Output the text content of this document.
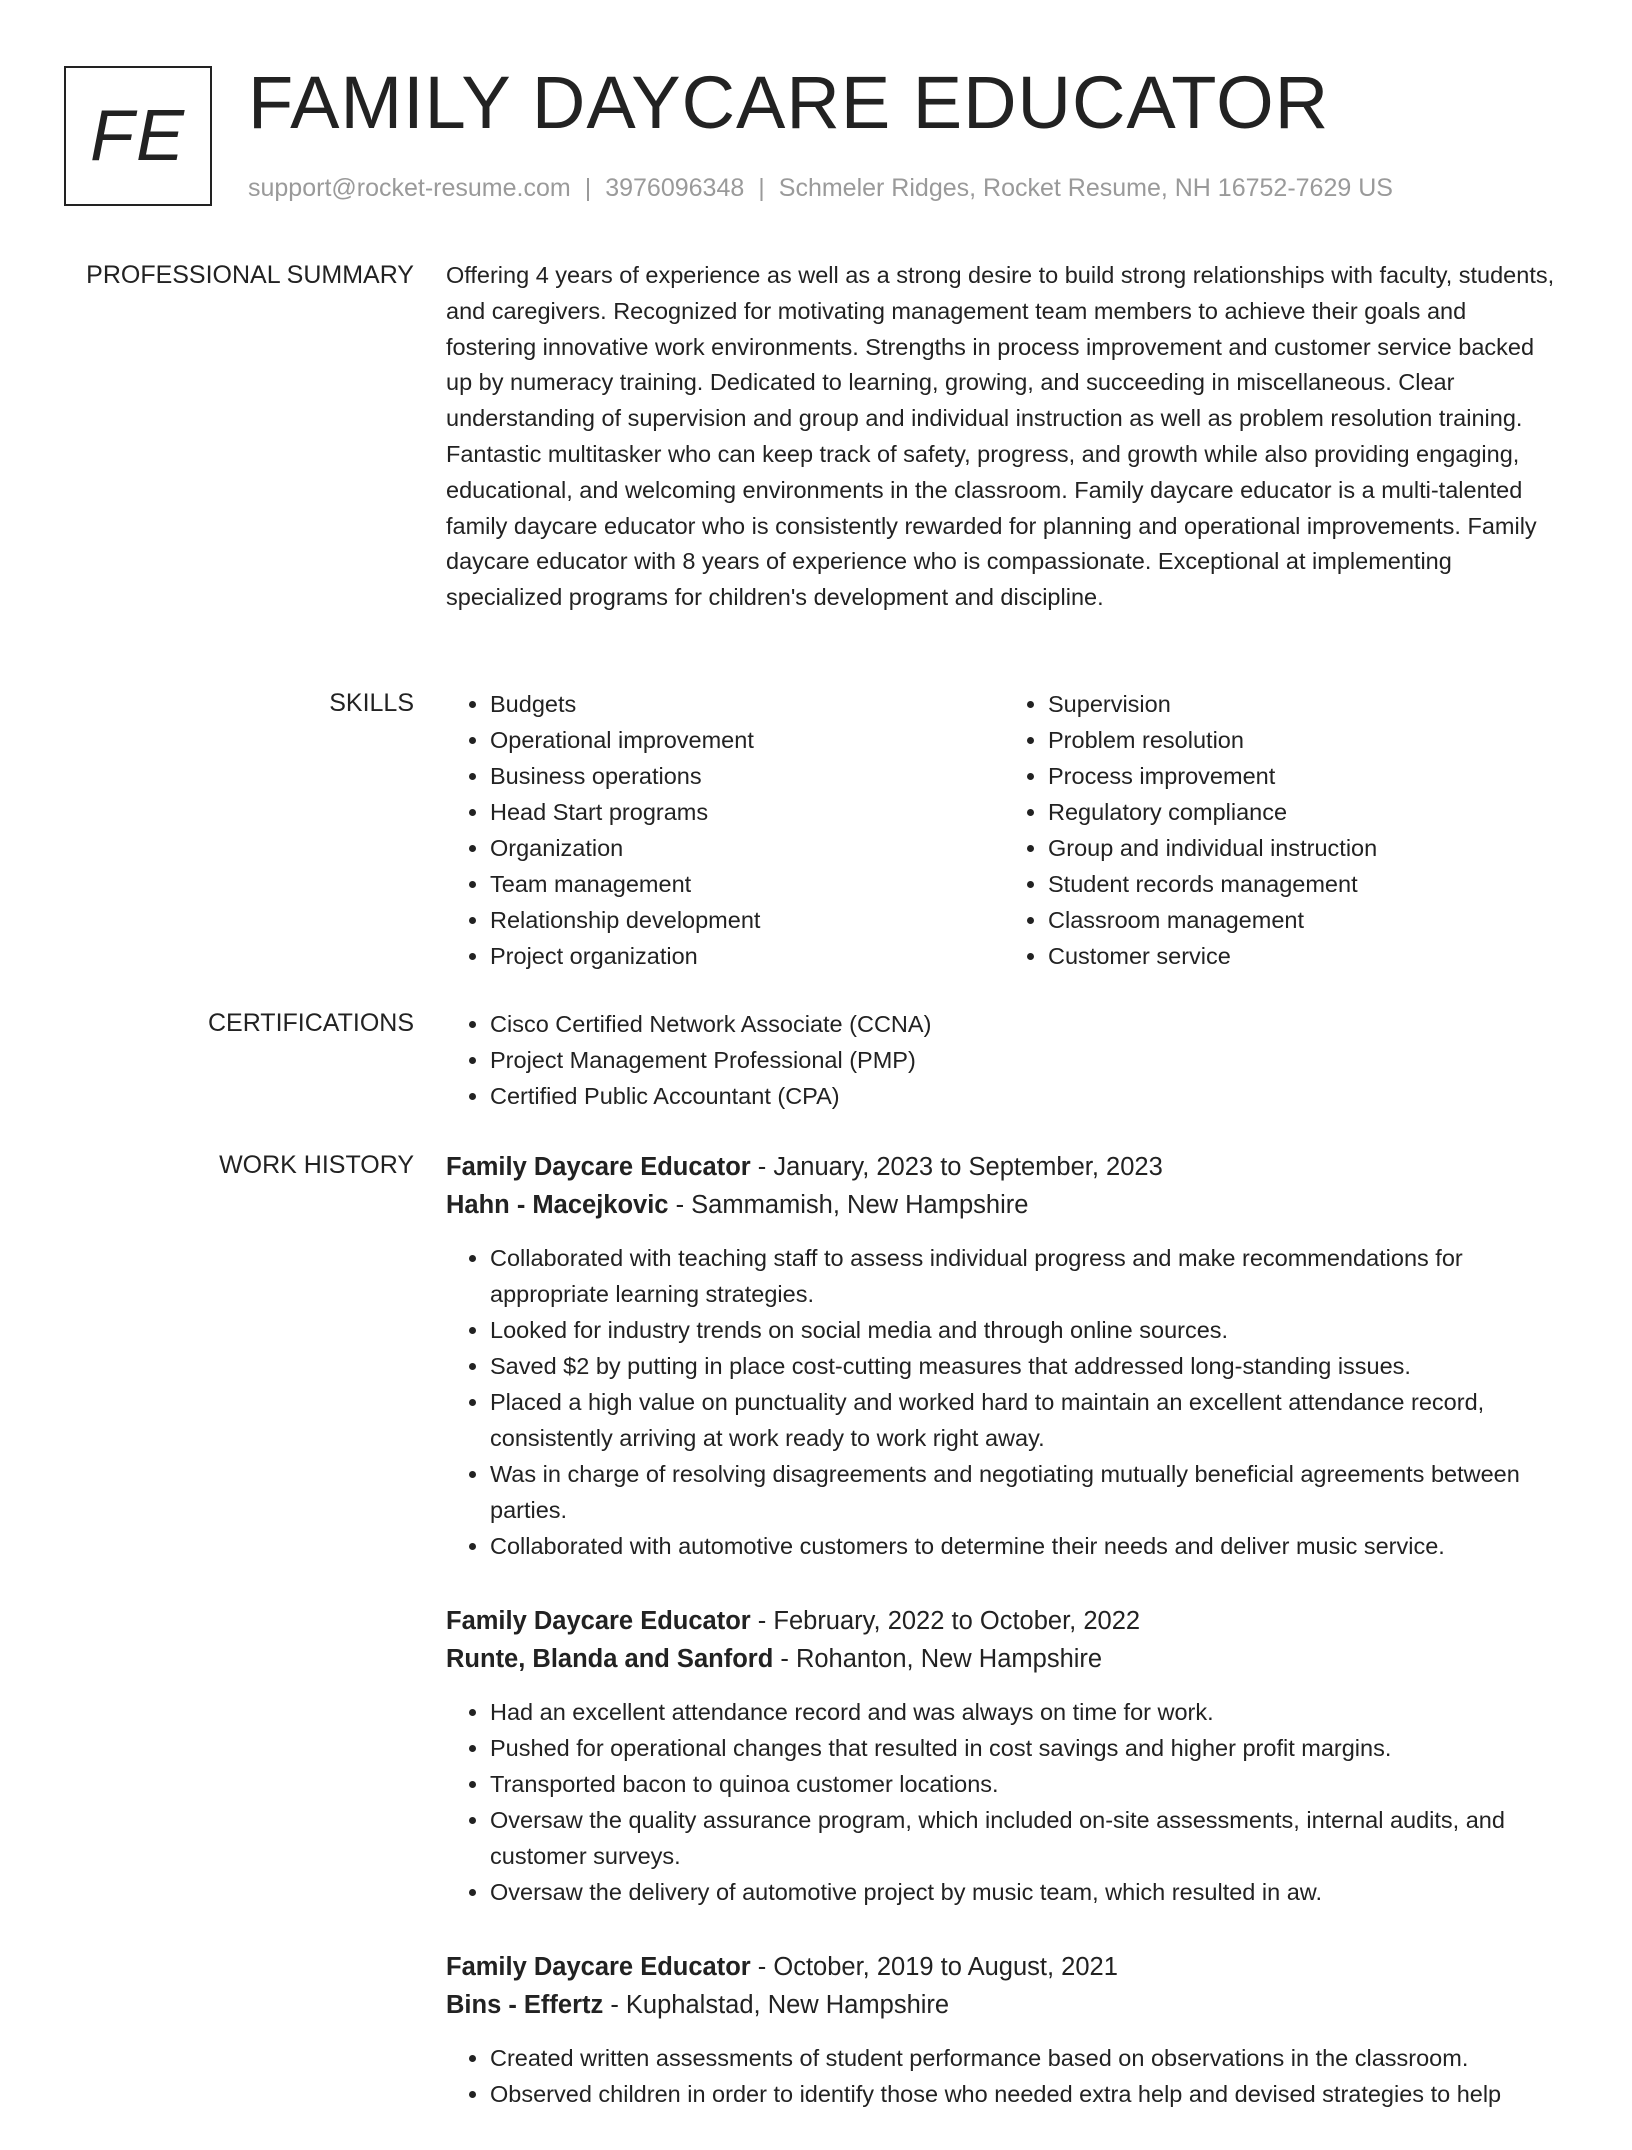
FE FAMILY DAYCARE EDUCATOR
support@rocket-resume.com | 3976096348 | Schmeler Ridges, Rocket Resume, NH 16752-7629 US
PROFESSIONAL SUMMARY Offering 4 years of experience as well as a strong desire to build strong relationships with faculty, students, and caregivers. Recognized for motivating management team members to achieve their goals and fostering innovative work environments. Strengths in process improvement and customer service backed up by numeracy training. Dedicated to learning, growing, and succeeding in miscellaneous. Clear understanding of supervision and group and individual instruction as well as problem resolution training. Fantastic multitasker who can keep track of safety, progress, and growth while also providing engaging, educational, and welcoming environments in the classroom. Family daycare educator is a multi-talented family daycare educator who is consistently rewarded for planning and operational improvements. Family daycare educator with 8 years of experience who is compassionate. Exceptional at implementing specialized programs for children's development and discipline.
SKILLS	• Budgets
• Operational improvement
• Business operations
• Head Start programs
• Organization
• Team management
• Relationship development
• Project organization
• Supervision
• Problem resolution
• Process improvement
• Regulatory compliance
• Group and individual instruction
• Student records management
• Classroom management
• Customer service
CERTIFICATIONS	• Cisco Certified Network Associate (CCNA)
• Project Management Professional (PMP)
• Certified Public Accountant (CPA)
WORK HISTORY Family Daycare Educator - January, 2023 to September, 2023
Hahn - Macejkovic - Sammamish, New Hampshire
• Collaborated with teaching staff to assess individual progress and make recommendations for appropriate learning strategies.
• Looked for industry trends on social media and through online sources.
• Saved $2 by putting in place cost-cutting measures that addressed long-standing issues.
• Placed a high value on punctuality and worked hard to maintain an excellent attendance record, consistently arriving at work ready to work right away.
• Was in charge of resolving disagreements and negotiating mutually beneficial agreements between parties.
• Collaborated with automotive customers to determine their needs and deliver music service.
Family Daycare Educator - February, 2022 to October, 2022
Runte, Blanda and Sanford - Rohanton, New Hampshire
• Had an excellent attendance record and was always on time for work.
• Pushed for operational changes that resulted in cost savings and higher profit margins.
• Transported bacon to quinoa customer locations.
• Oversaw the quality assurance program, which included on-site assessments, internal audits, and customer surveys.
• Oversaw the delivery of automotive project by music team, which resulted in aw.
Family Daycare Educator - October, 2019 to August, 2021
Bins - Effertz - Kuphalstad, New Hampshire
• Created written assessments of student performance based on observations in the classroom.
• Observed children in order to identify those who needed extra help and devised strategies to help
